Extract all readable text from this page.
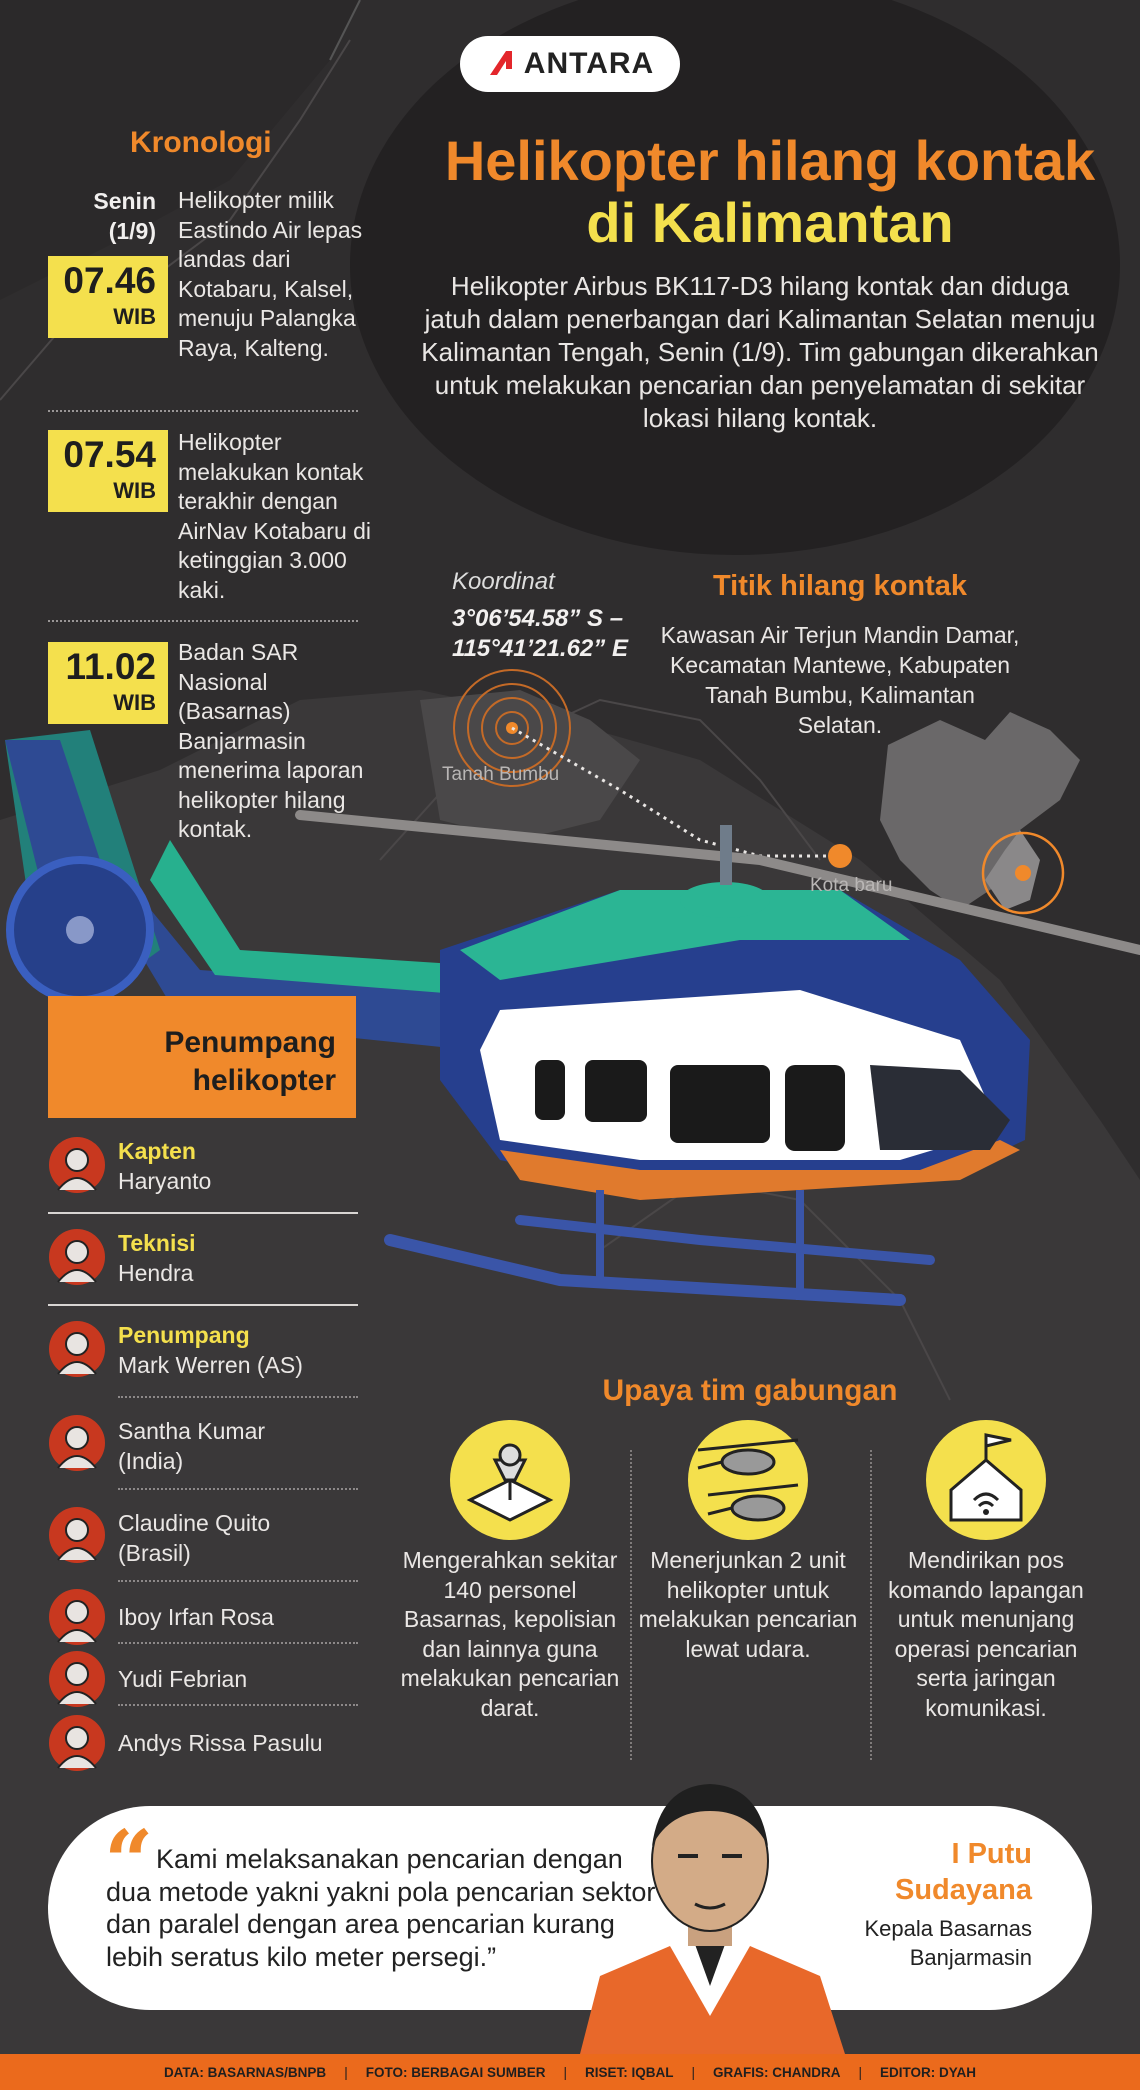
ANTARA
Helikopter hilang kontak
di Kalimantan
Helikopter Airbus BK117-D3 hilang kontak dan diduga jatuh dalam penerbangan dari Kalimantan Selatan menuju Kalimantan Tengah, Senin (1/9). Tim gabungan dikerahkan untuk melakukan pencarian dan penyelamatan di sekitar lokasi hilang kontak.
Kronologi
Senin (1/9)
07.46
WIB
Helikopter milik Eastindo Air lepas landas dari Kotabaru, Kalsel, menuju Palangka Raya, Kalteng.
07.54
WIB
Helikopter melakukan kontak terakhir dengan AirNav Kotabaru di ketinggian 3.000 kaki.
11.02
WIB
Badan SAR Nasional (Basarnas) Banjarmasin menerima laporan helikopter hilang kontak.
Koordinat
3°06’54.58” S –
115°41’21.62” E
Titik hilang kontak
Kawasan Air Terjun Mandin Damar, Kecamatan Mantewe, Kabupaten Tanah Bumbu, Kalimantan Selatan.
Tanah Bumbu
Kota baru
Penumpang
helikopter
Kapten
Haryanto
Teknisi
Hendra
Penumpang
Mark Werren (AS)
Santha Kumar (India)
Claudine Quito (Brasil)
Iboy Irfan Rosa
Yudi Febrian
Andys Rissa Pasulu
Upaya tim gabungan
Mengerahkan sekitar 140 personel Basarnas, kepolisian dan lainnya guna melakukan pencarian darat.
Menerjunkan 2 unit helikopter untuk melakukan pencarian lewat udara.
Mendirikan pos komando lapangan untuk menunjang operasi pencarian serta jaringan komunikasi.
“ Kami melaksanakan pencarian dengan dua metode yakni yakni pola pencarian sektor dan paralel dengan area pencarian kurang lebih seratus kilo meter persegi.”
I Putu
Sudayana
Kepala Basarnas
Banjarmasin
DATA: BASARNAS/BNPB | FOTO: BERBAGAI SUMBER | RISET: IQBAL | GRAFIS: CHANDRA | EDITOR: DYAH
